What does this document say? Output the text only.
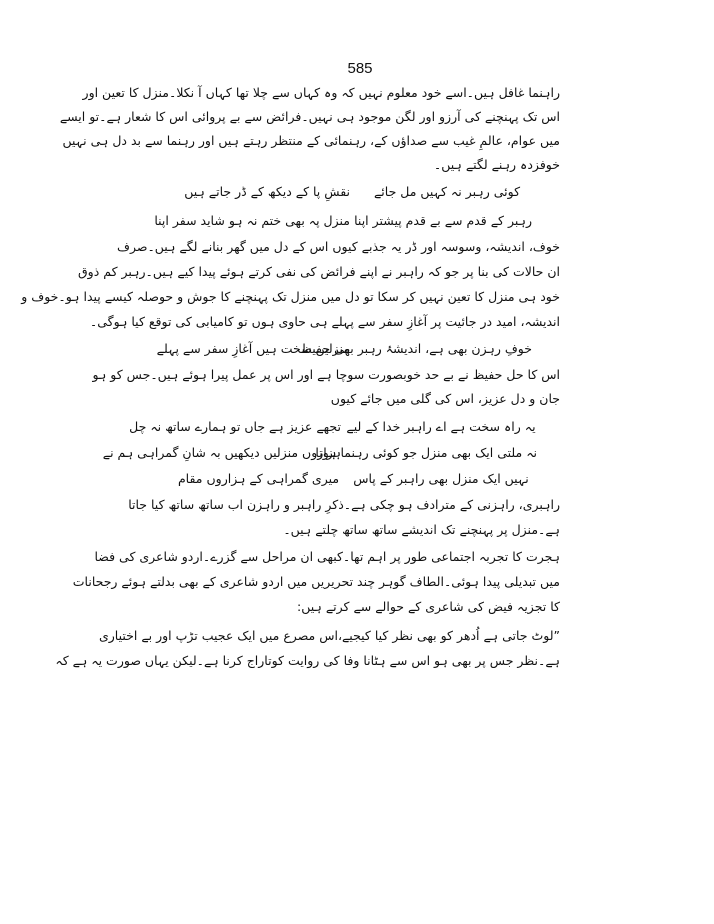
585
راہنما غافل ہیں۔اسے خود معلوم نہیں کہ وہ کہاں سے چلا تھا کہاں آ نکلا۔منزل کا تعین اور
اس تک پہنچنے کی آرزو اور لگن موجود ہی نہیں۔فرائض سے بے پروائی اس کا شعار ہے۔تو ایسے
میں عوام، عالمِ غیب سے صداؤں کے، رہنمائی کے منتظر رہتے ہیں اور رہنما سے بد دل ہی نہیں
خوفزدہ رہنے لگتے ہیں۔
کوئی رہبر نہ کہیں مل جائے
نقشِ پا کے دیکھ کے ڈر جاتے ہیں
رہبر کے قدم سے بے قدم پیشتر اپنا
منزل پہ بھی ختم نہ ہو شاید سفر اپنا
خوف، اندیشہ، وسوسہ اور ڈر یہ جذبے کیوں اس کے دل میں گھر بنانے لگے ہیں۔صرف
ان حالات کی بنا پر جو کہ راہبر نے اپنے فرائض کی نفی کرتے ہوئے پیدا کیے ہیں۔رہبر کم ذوق
خود ہی منزل کا تعین نہیں کر سکا تو دل میں منزل تک پہنچنے کا جوش و حوصلہ کیسے پیدا ہو۔خوف و
اندیشہ، امید در جائیت پر آغازِ سفر سے پہلے ہی حاوی ہوں تو کامیابی کی توقع کیا ہوگی۔
خوفِ رہزن بھی ہے، اندیشۂ رہبر بھی حفیظ
منزلیں سخت ہیں آغازِ سفر سے پہلے
اس کا حل حفیظ نے بے حد خوبصورت سوچا ہے اور اس پر عمل پیرا ہوئے ہیں۔جس کو ہو
جان و دل عزیز، اس کی گلی میں جائے کیوں
یہ راہ سخت ہے اے راہبر خدا کے لیے
تجھے عزیز ہے جاں تو ہمارے ساتھ نہ چل
نہ ملتی ایک بھی منزل جو کوئی رہنما ہوتا
ہزاروں منزلیں دیکھیں بہ شانِ گمراہی ہم نے
نہیں ایک منزل بھی راہبر کے پاس
میری گمراہی کے ہزاروں مقام
راہبری، راہزنی کے مترادف ہو چکی ہے۔ذکرِ راہبر و راہزن اب ساتھ ساتھ کیا جاتا
ہے۔منزل پر پہنچنے تک اندیشے ساتھ ساتھ چلتے ہیں۔
ہجرت کا تجربہ اجتماعی طور پر اہم تھا۔کبھی ان مراحل سے گزرے۔اردو شاعری کی فضا
میں تبدیلی پیدا ہوئی۔الطاف گوہر چند تحریریں میں اردو شاعری کے بھی بدلتے ہوئے رجحانات
کا تجزیہ فیض کی شاعری کے حوالے سے کرتے ہیں:
”لوٹ جاتی ہے اُدھر کو بھی نظر کیا کیجیے،اس مصرع میں ایک عجیب تڑپ اور بے اختیاری
ہے۔نظر جس پر بھی ہو اس سے ہٹانا وفا کی روایت کوتاراج کرنا ہے۔لیکن یہاں صورت یہ ہے کہ
